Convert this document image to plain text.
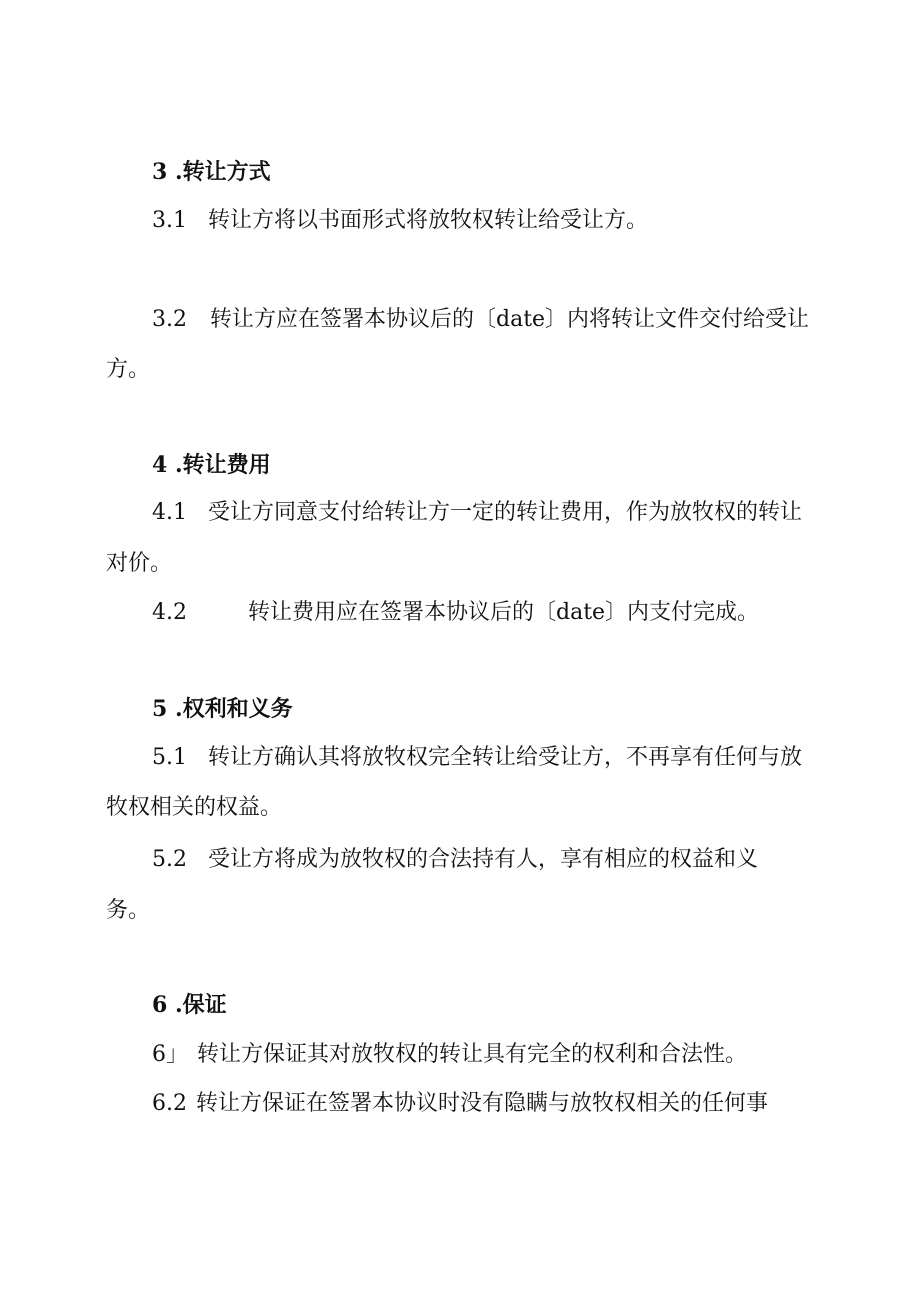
3 .转让方式
3.1 转让方将以书面形式将放牧权转让给受让方。
3.2 转让方应在签署本协议后的〔date〕内将转让文件交付给受让
方。
4 .转让费用
4.1 受让方同意支付给转让方一定的转让费用，作为放牧权的转让
对价。
4.2	转让费用应在签署本协议后的〔date〕内支付完成。
5 .权利和义务
5.1 转让方确认其将放牧权完全转让给受让方，不再享有任何与放
牧权相关的权益。
5.2 受让方将成为放牧权的合法持有人，享有相应的权益和义
务。
6 .保证
6」 转让方保证其对放牧权的转让具有完全的权利和合法性。
6.2 转让方保证在签署本协议时没有隐瞒与放牧权相关的任何事
